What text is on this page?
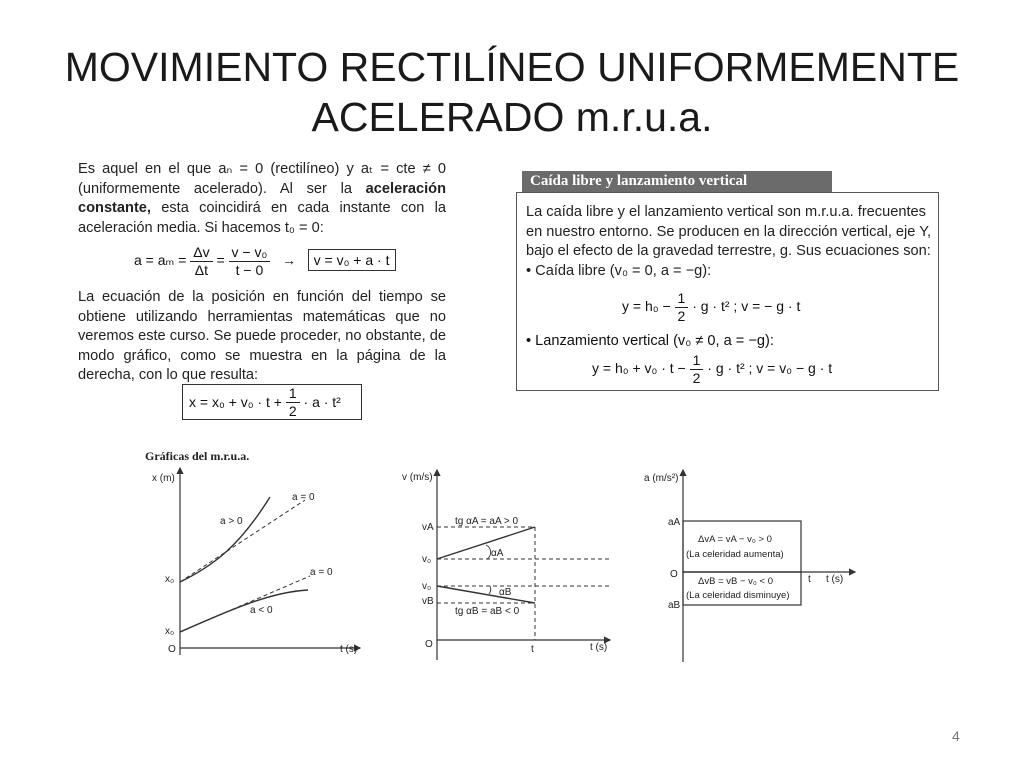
MOVIMIENTO RECTILÍNEO UNIFORMEMENTE
ACELERADO m.r.u.a.

Es aquel en el que aₙ = 0 (rectilíneo) y aₜ = cte ≠ 0 (uniformemente acelerado). Al ser la aceleración constante, esta coincidirá en cada instante con la aceleración media. Si hacemos t₀ = 0:

$a = a_m = \frac{\Delta v}{\Delta t} = \frac{\text{v − v₀}}{t - 0} \to v = v_0 + a \cdot t$

La ecuación de la posición en función del tiempo se obtiene utilizando herramientas matemáticas que no veremos este curso. Se puede proceder, no obstante, de modo gráfico, como se muestra en la página de la derecha, con lo que resulta:

x = x₀ + v₀ · t +
$\frac{1}{2}$
· a · t²
Caída libre y lanzamiento vertical

La caída libre y el lanzamiento vertical son m.r.u.a. frecuentes en nuestro entorno. Se producen en la dirección vertical, eje Y, bajo el efecto de la gravedad terrestre, g. Sus ecuaciones son:

• Caída libre (v₀ = 0, a = −g):

$y = h_0 - \frac{1}{2} \cdot g \cdot t^2$ ; v = − g · t
• Lanzamiento vertical (v₀ ≠ 0, a = −g):
$y = h_0 + v_0 \cdot t - \frac{1}{2} \cdot g \cdot t^2$ ; v = v₀ − g · t
Gráficas del m.r.u.a.
x (m)
t (s)
O
a > 0
a = 0
a = 0
a < 0
x₀
x₀
v (m/s)
t (s)
O	t
vA
v₀
v₀
vB
tg αA = aA > 0
tg αB = aB < 0
αA
αB
a (m/s²)
t (s)
O	t
aA
aB
ΔvA = vA − v₀ > 0
(La celeridad aumenta)
ΔvB = vB − v₀ < 0
(La celeridad disminuye)
4
